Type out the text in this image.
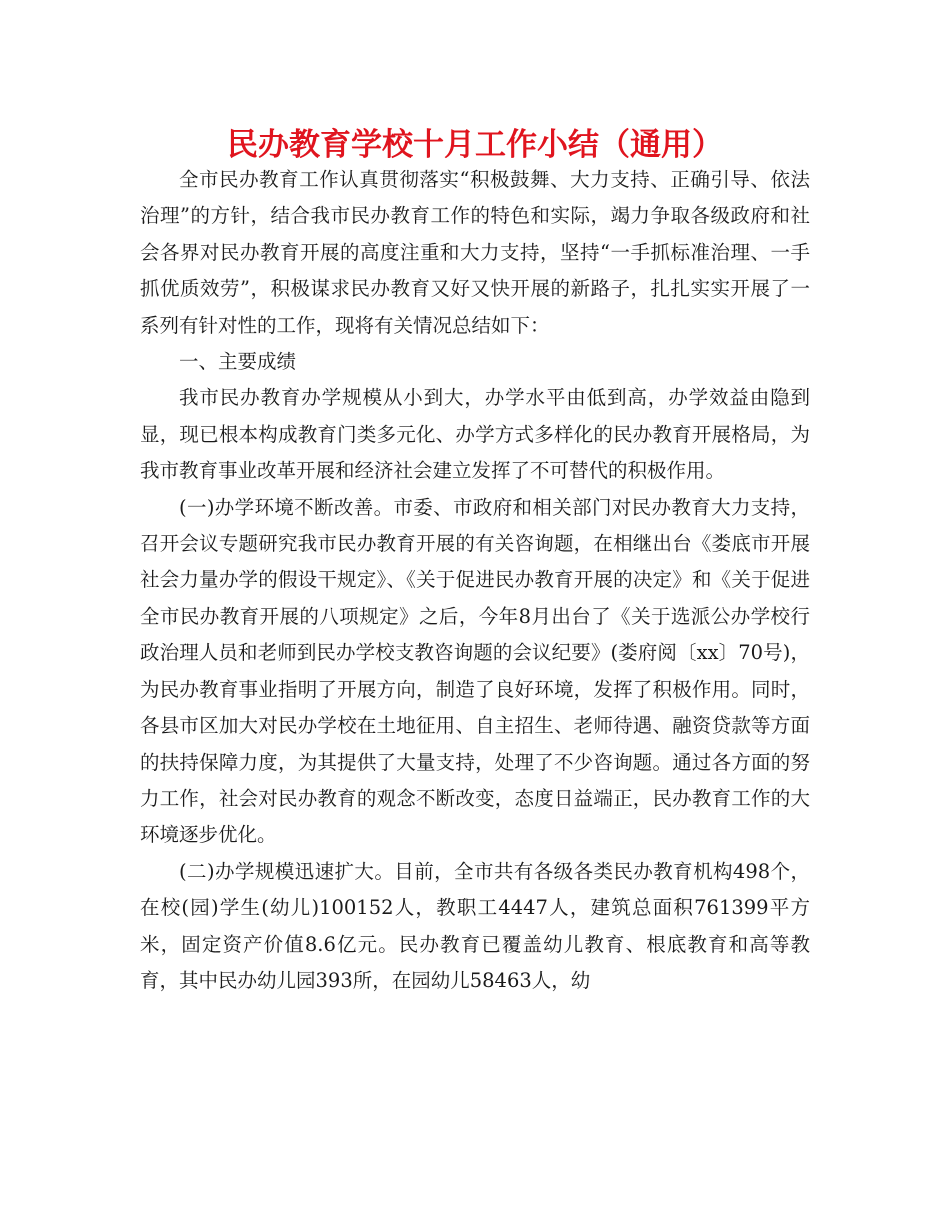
民办教育学校十月工作小结（通用）

全市民办教育工作认真贯彻落实“积极鼓舞、大力支持、正确引导、依法治理”的方针，结合我市民办教育工作的特色和实际，竭力争取各级政府和社会各界对民办教育开展的高度注重和大力支持，坚持“一手抓标准治理、一手抓优质效劳”，积极谋求民办教育又好又快开展的新路子，扎扎实实开展了一系列有针对性的工作，现将有关情况总结如下：

一、主要成绩

我市民办教育办学规模从小到大，办学水平由低到高，办学效益由隐到显，现已根本构成教育门类多元化、办学方式多样化的民办教育开展格局，为我市教育事业改革开展和经济社会建立发挥了不可替代的积极作用。

(一)办学环境不断改善。市委、市政府和相关部门对民办教育大力支持，召开会议专题研究我市民办教育开展的有关咨询题，在相继出台《娄底市开展社会力量办学的假设干规定》、《关于促进民办教育开展的决定》和《关于促进全市民办教育开展的八项规定》之后，今年8月出台了《关于选派公办学校行政治理人员和老师到民办学校支教咨询题的会议纪要》(娄府阅〔xx〕70号)，为民办教育事业指明了开展方向，制造了良好环境，发挥了积极作用。同时，各县市区加大对民办学校在土地征用、自主招生、老师待遇、融资贷款等方面的扶持保障力度，为其提供了大量支持，处理了不少咨询题。通过各方面的努力工作，社会对民办教育的观念不断改变，态度日益端正，民办教育工作的大环境逐步优化。

(二)办学规模迅速扩大。目前，全市共有各级各类民办教育机构498个，在校(园)学生(幼儿)100152人，教职工4447人，建筑总面积761399平方米，固定资产价值8.6亿元。民办教育已覆盖幼儿教育、根底教育和高等教育，其中民办幼儿园393所，在园幼儿58463人，幼
